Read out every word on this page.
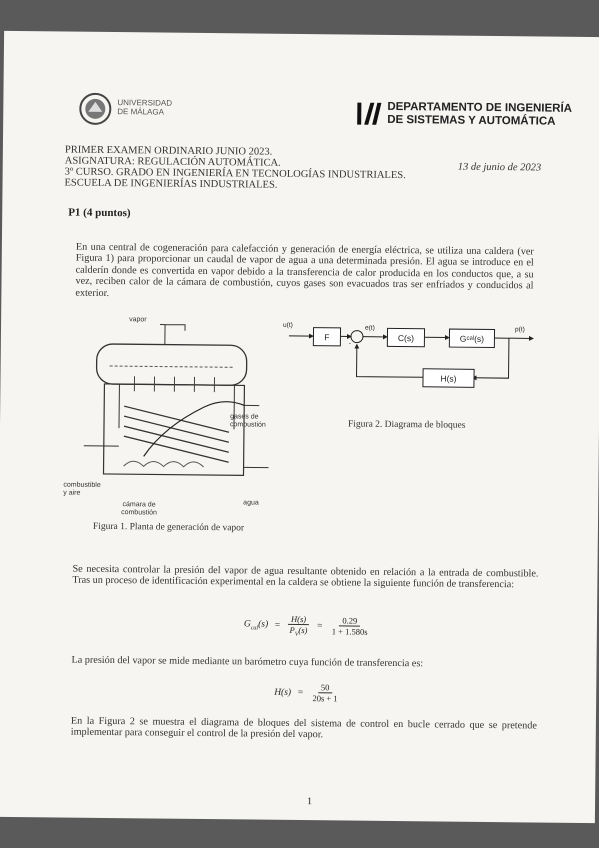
UNIVERSIDAD
DE MÁLAGA	DEPARTAMENTO DE INGENIERÍA
DE SISTEMAS Y AUTOMÁTICA
PRIMER EXAMEN ORDINARIO JUNIO 2023.
ASIGNATURA: REGULACIÓN AUTOMÁTICA.
3º CURSO. GRADO EN INGENIERÍA EN TECNOLOGÍAS INDUSTRIALES.
ESCUELA DE INGENIERÍAS INDUSTRIALES.
13 de junio de 2023
P1 (4 puntos)
En una central de cogeneración para calefacción y generación de energía eléctrica, se utiliza una caldera (ver Figura 1) para proporcionar un caudal de vapor de agua a una determinada presión. El agua se introduce en el calderín donde es convertida en vapor debido a la transferencia de calor producida en los conductos que, a su vez, reciben calor de la cámara de combustión, cuyos gases son evacuados tras ser enfriados y conducidos al exterior.
vapor
gases de
combustión
combustible
y aire
agua
cámara de
combustión
Figura 1. Planta de generación de vapor
u(t)
F
e(t)
-
C(s)	G cal (s)
p(t)
H(s)
Figura 2. Diagrama de bloques
Se necesita controlar la presión del vapor de agua resultante obtenido en relación a la entrada de combustible. Tras un proceso de identificación experimental en la caldera se obtiene la siguiente función de transferencia:
$G_{cal}(s) = \frac{H(s)}{P_V(s)} = \frac{0.29}{1 + 1.580s}$
La presión del vapor se mide mediante un barómetro cuya función de transferencia es:
$H(s) = \frac{50}{20s + 1}$
En la Figura 2 se muestra el diagrama de bloques del sistema de control en bucle cerrado que se pretende implementar para conseguir el control de la presión del vapor.
1
